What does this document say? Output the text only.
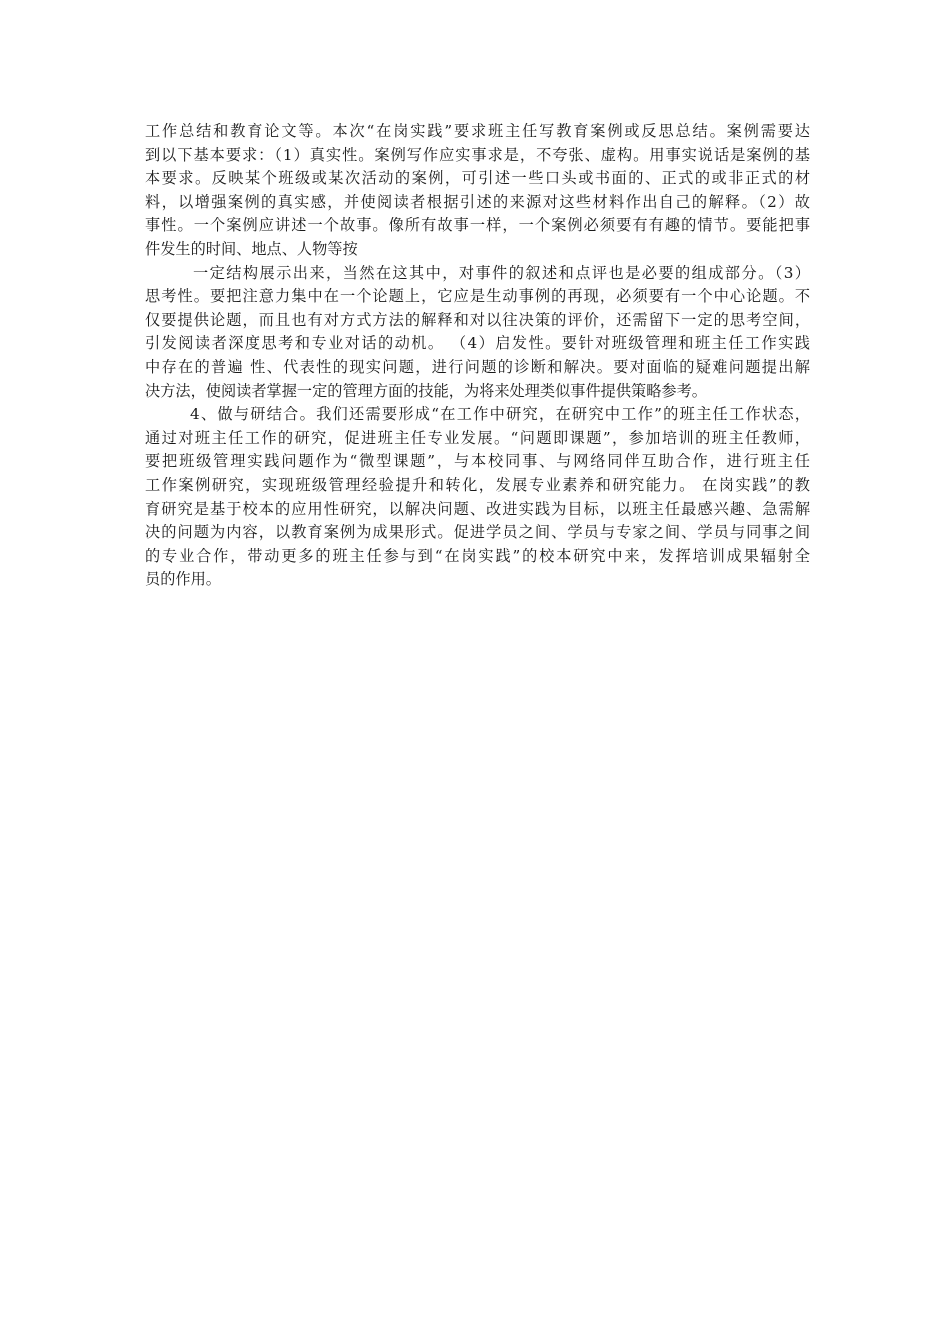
工作总结和教育论文等。本次“在岗实践”要求班主任写教育案例或反思总结。案例需要达
到以下基本要求：（1）真实性。案例写作应实事求是，不夸张、虚构。用事实说话是案例的基
本要求。反映某个班级或某次活动的案例，可引述一些口头或书面的、正式的或非正式的材
料，以增强案例的真实感，并使阅读者根据引述的来源对这些材料作出自己的解释。（2）故
事性。一个案例应讲述一个故事。像所有故事一样，一个案例必须要有有趣的情节。要能把事
件发生的时间、地点、人物等按
一定结构展示出来，当然在这其中，对事件的叙述和点评也是必要的组成部分。（3）
思考性。要把注意力集中在一个论题上，它应是生动事例的再现，必须要有一个中心论题。不
仅要提供论题，而且也有对方式方法的解释和对以往决策的评价，还需留下一定的思考空间，
引发阅读者深度思考和专业对话的动机。 （4）启发性。要针对班级管理和班主任工作实践
中存在的普遍 性、代表性的现实问题，进行问题的诊断和解决。要对面临的疑难问题提出解
决方法，使阅读者掌握一定的管理方面的技能，为将来处理类似事件提供策略参考。
4、做与研结合。我们还需要形成“在工作中研究，在研究中工作”的班主任工作状态，
通过对班主任工作的研究，促进班主任专业发展。“问题即课题”，参加培训的班主任教师，
要把班级管理实践问题作为“微型课题”，与本校同事、与网络同伴互助合作，进行班主任
工作案例研究，实现班级管理经验提升和转化，发展专业素养和研究能力。 在岗实践”的教
育研究是基于校本的应用性研究，以解决问题、改进实践为目标，以班主任最感兴趣、急需解
决的问题为内容，以教育案例为成果形式。促进学员之间、学员与专家之间、学员与同事之间
的专业合作，带动更多的班主任参与到“在岗实践”的校本研究中来，发挥培训成果辐射全
员的作用。
